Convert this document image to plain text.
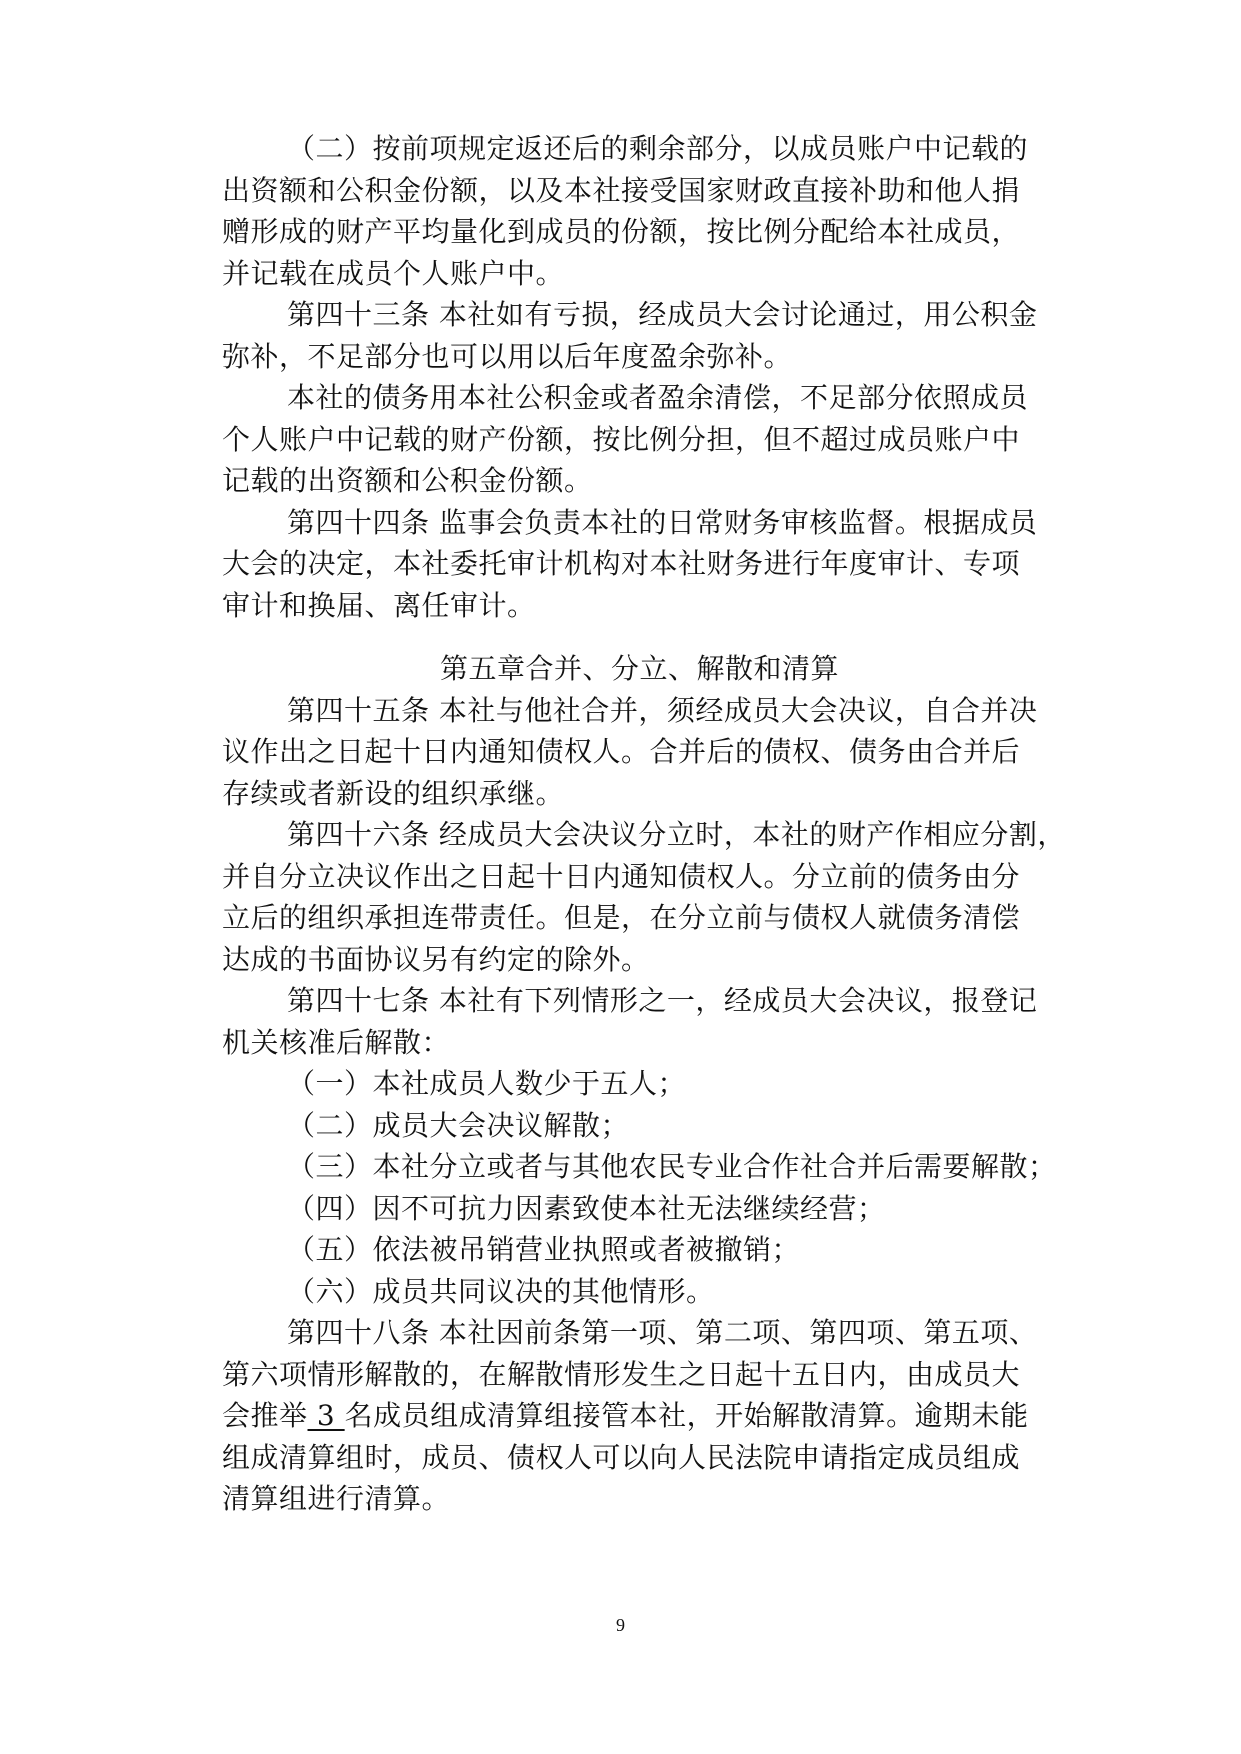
（二）按前项规定返还后的剩余部分，以成员账户中记载的
出资额和公积金份额，以及本社接受国家财政直接补助和他人捐
赠形成的财产平均量化到成员的份额，按比例分配给本社成员，
并记载在成员个人账户中。
第四十三条 本社如有亏损，经成员大会讨论通过，用公积金
弥补，不足部分也可以用以后年度盈余弥补。
本社的债务用本社公积金或者盈余清偿，不足部分依照成员
个人账户中记载的财产份额，按比例分担，但不超过成员账户中
记载的出资额和公积金份额。
第四十四条 监事会负责本社的日常财务审核监督。根据成员
大会的决定，本社委托审计机构对本社财务进行年度审计、专项
审计和换届、离任审计。
第五章合并、分立、解散和清算
第四十五条 本社与他社合并，须经成员大会决议，自合并决
议作出之日起十日内通知债权人。合并后的债权、债务由合并后
存续或者新设的组织承继。
第四十六条 经成员大会决议分立时，本社的财产作相应分割，
并自分立决议作出之日起十日内通知债权人。分立前的债务由分
立后的组织承担连带责任。但是，在分立前与债权人就债务清偿
达成的书面协议另有约定的除外。
第四十七条 本社有下列情形之一，经成员大会决议，报登记
机关核准后解散：
（一）本社成员人数少于五人；
（二）成员大会决议解散；
（三）本社分立或者与其他农民专业合作社合并后需要解散；
（四）因不可抗力因素致使本社无法继续经营；
（五）依法被吊销营业执照或者被撤销；
（六）成员共同议决的其他情形。
第四十八条 本社因前条第一项、第二项、第四项、第五项、
第六项情形解散的，在解散情形发生之日起十五日内，由成员大
9
会推举 3 名成员组成清算组接管本社，开始解散清算。逾期未能
组成清算组时，成员、债权人可以向人民法院申请指定成员组成
清算组进行清算。
